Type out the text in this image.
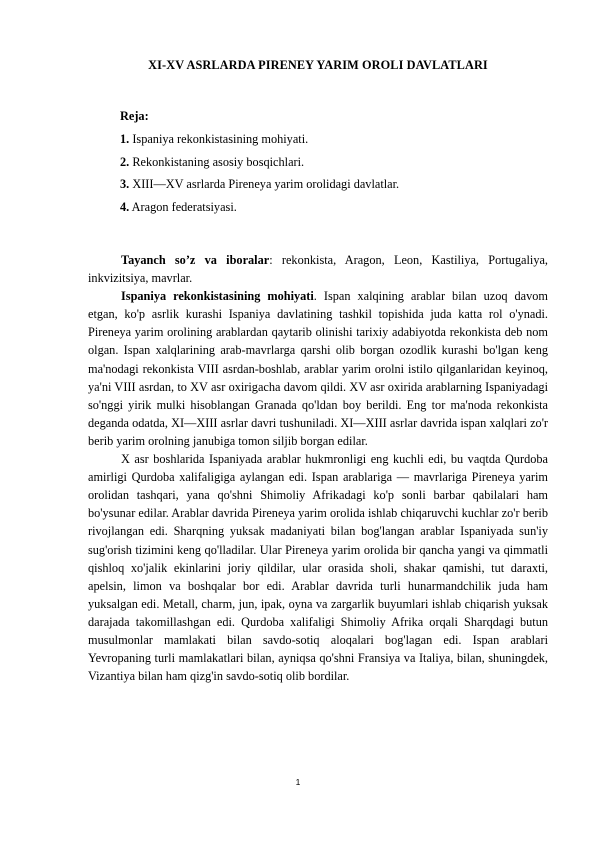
XI-XV ASRLARDA PIRENEY YARIM OROLI DAVLATLARI
Reja:
1. Ispaniya rekonkistasining mohiyati.
2. Rekonkistaning asosiy bosqichlari.
3. XIII—XV asrlarda Pireneya yarim orolidagi davlatlar.
4. Aragon federatsiyasi.

Tayanch so’z va iboralar: rekonkista, Aragon, Leon, Kastiliya, Portugaliya, inkvizitsiya, mavrlar.

Ispaniya rekonkistasining mohiyati. Ispan xalqining arablar bilan uzoq davom etgan, ko'p asrlik kurashi Ispaniya davlatining tashkil topishida juda katta rol o'ynadi. Pireneya yarim orolining arablardan qaytarib olinishi tarixiy adabiyotda rekonkista deb nom olgan. Ispan xalqlarining arab-mavrlarga qarshi olib borgan ozodlik kurashi bo'lgan keng ma'nodagi rekonkista VIII asrdan-boshlab, arablar yarim orolni istilo qilganlaridan keyinoq, ya'ni VIII asrdan, to XV asr oxirigacha davom qildi. XV asr oxirida arablarning Ispaniyadagi so'nggi yirik mulki hisoblangan Granada qo'ldan boy berildi. Eng tor ma'noda rekonkista deganda odatda, XI—XIII asrlar davri tushuniladi. XI—XIII asrlar davrida ispan xalqlari zo'r berib yarim orolning janubiga tomon siljib borgan edilar.

X asr boshlarida Ispaniyada arablar hukmronligi eng kuchli edi, bu vaqtda Qurdoba amirligi Qurdoba xalifaligiga aylangan edi. Ispan arablariga — mavrlariga Pireneya yarim orolidan tashqari, yana qo'shni Shimoliy Afrikadagi ko'p sonli barbar qabilalari ham bo'ysunar edilar. Arablar davrida Pireneya yarim orolida ishlab chiqaruvchi kuchlar zo'r berib rivojlangan edi. Sharqning yuksak madaniyati bilan bog'langan arablar Ispaniyada sun'iy sug'orish tizimini keng qo'lladilar. Ular Pireneya yarim orolida bir qancha yangi va qimmatli qishloq xo'jalik ekinlarini joriy qildilar, ular orasida sholi, shakar qamishi, tut daraxti, apelsin, limon va boshqalar bor edi. Arablar davrida turli hunarmandchilik juda ham yuksalgan edi. Metall, charm, jun, ipak, oyna va zargarlik buyumlari ishlab chiqarish yuksak darajada takomillashgan edi. Qurdoba xalifaligi Shimoliy Afrika orqali Sharqdagi butun musulmonlar mamlakati bilan savdo-sotiq aloqalari bog'lagan edi. Ispan arablari Yevropaning turli mamlakatlari bilan, ayniqsa qo'shni Fransiya va Italiya, bilan, shuningdek, Vizantiya bilan ham qizg'in savdo-sotiq olib bordilar.

1
